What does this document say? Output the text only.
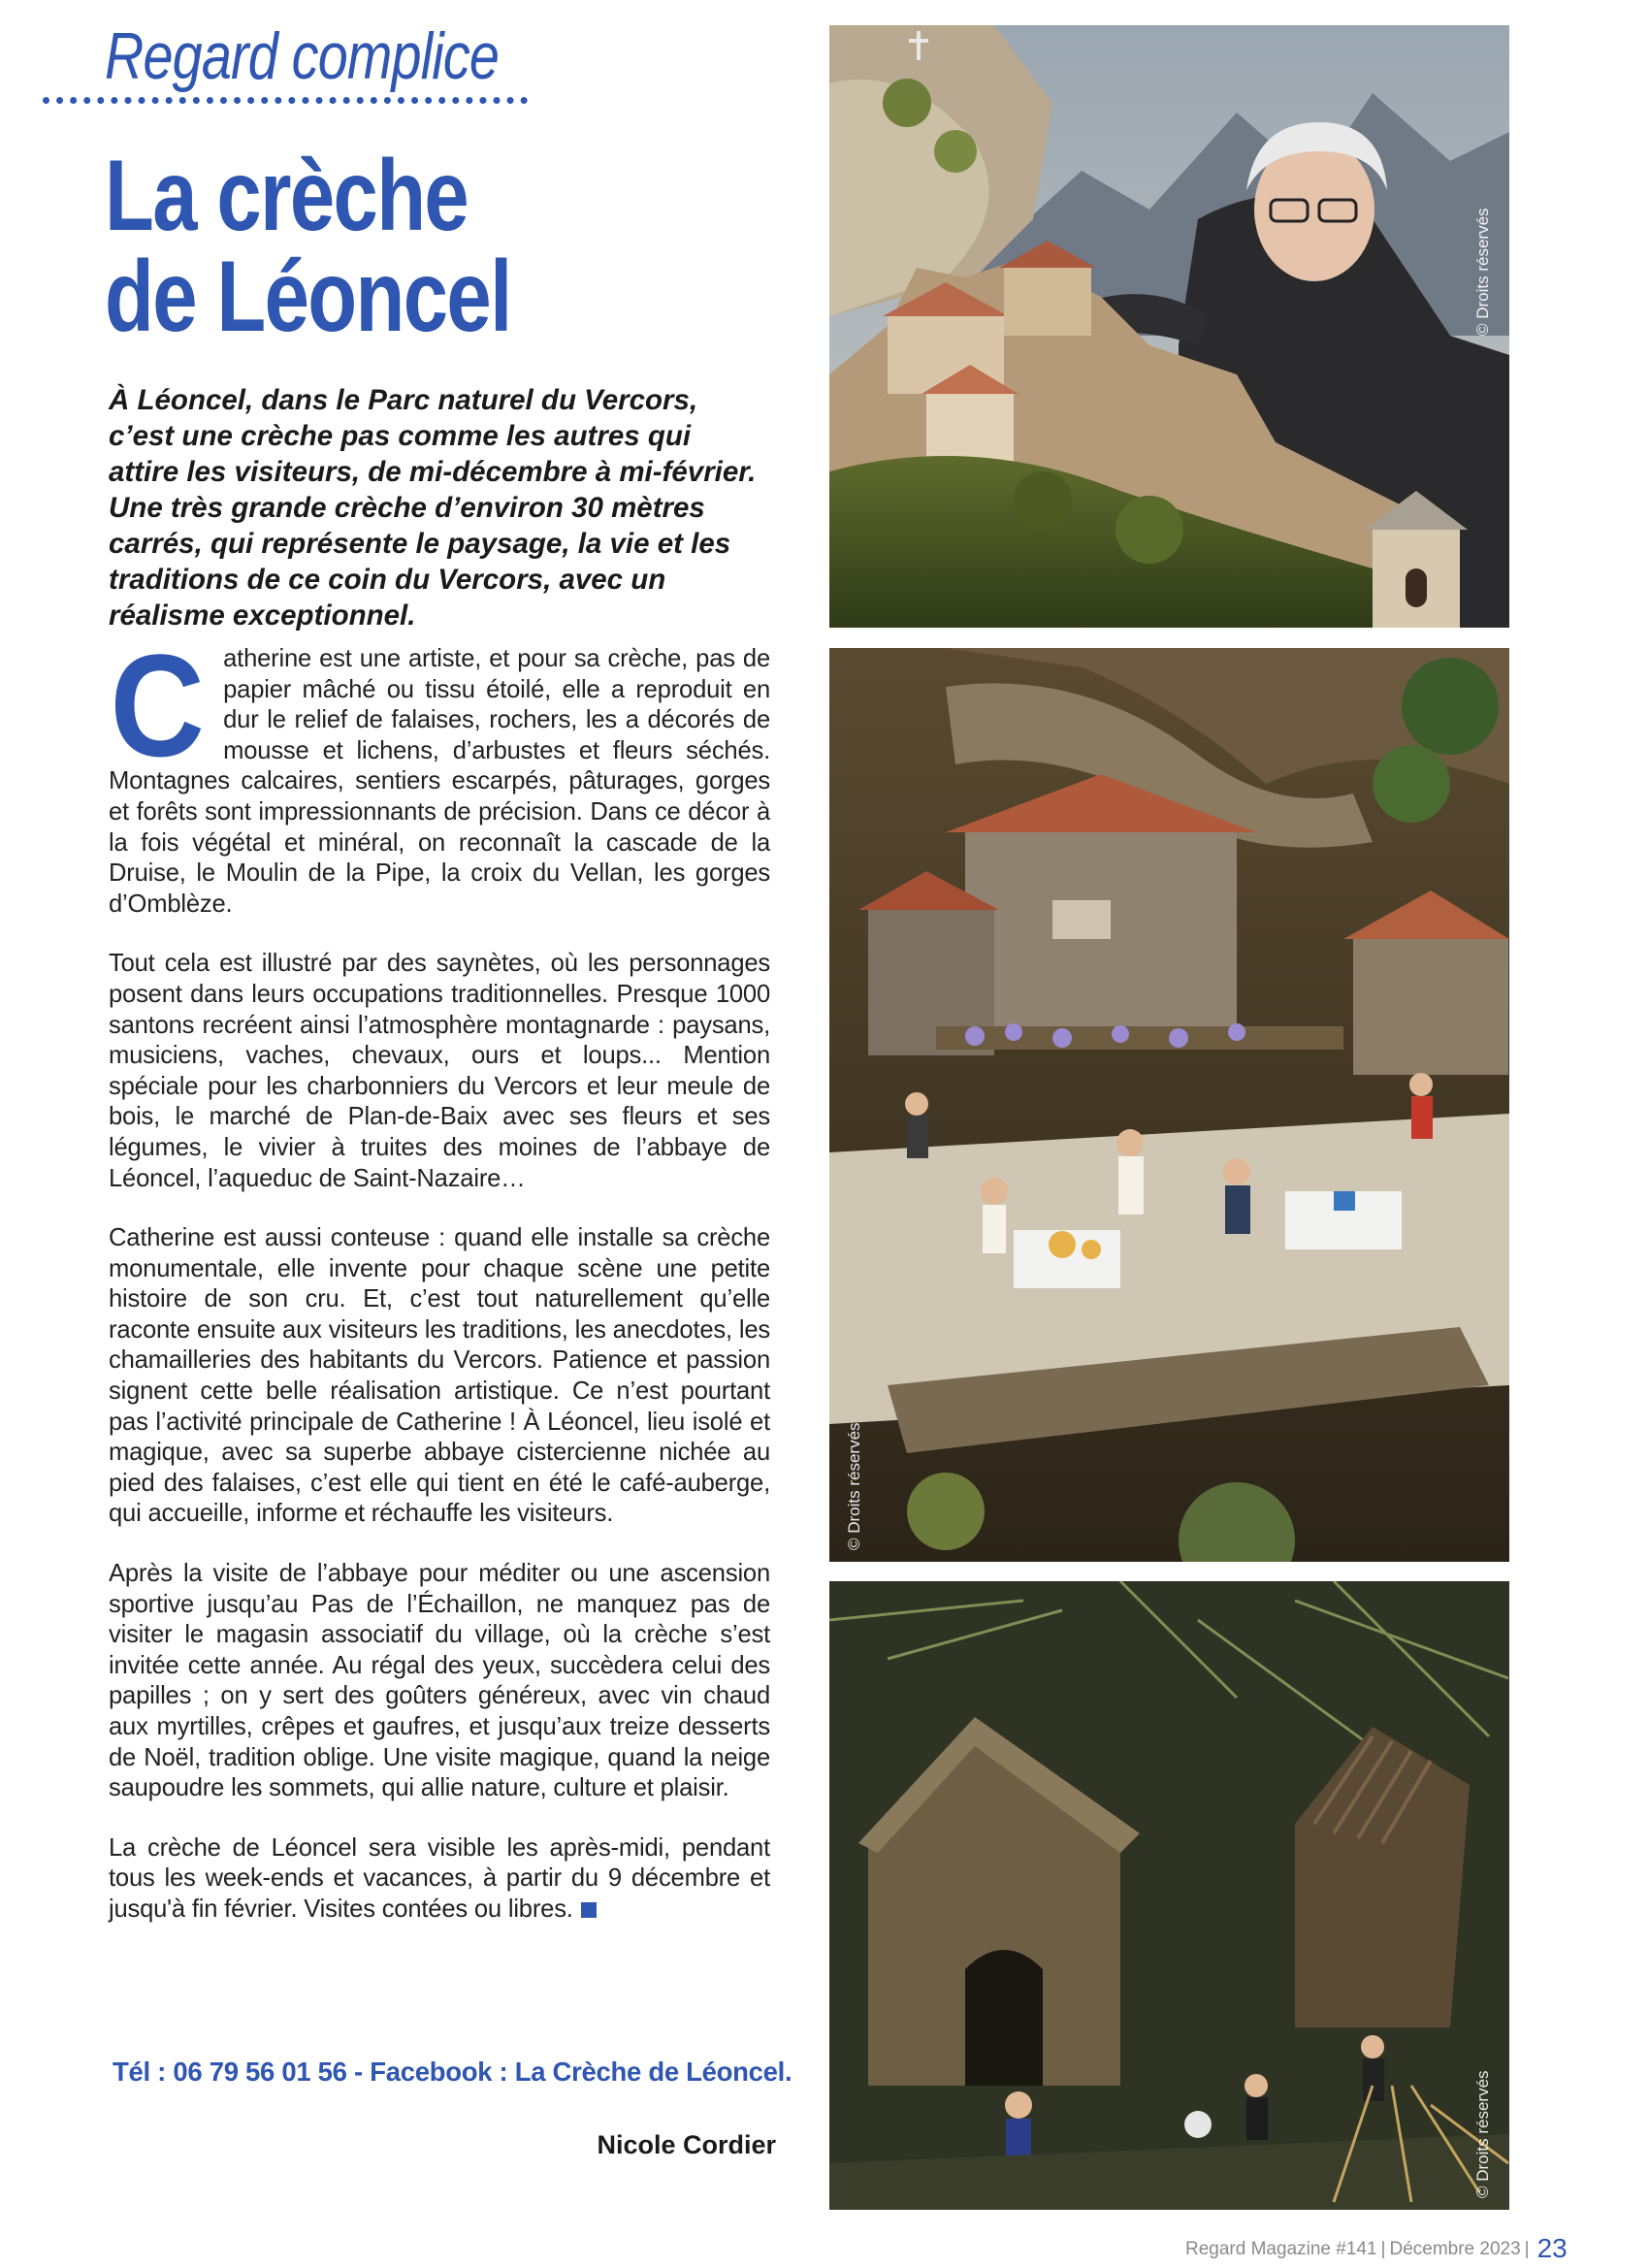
Regard complice
La crèche
de Léoncel

À Léoncel, dans le Parc naturel du Vercors, c’est une crèche pas comme les autres qui attire les visiteurs, de mi-décembre à mi-février. Une très grande crèche d’environ 30 mètres carrés, qui représente le paysage, la vie et les traditions de ce coin du Vercors, avec un réalisme exceptionnel.

C atherine est une artiste, et pour sa crèche, pas de papier mâché ou tissu étoilé, elle a reproduit en dur le relief de falaises, rochers, les a décorés de mousse et lichens, d’arbustes et fleurs séchés. Montagnes calcaires, sentiers escarpés, pâturages, gorges et forêts sont impressionnants de précision. Dans ce décor à la fois végétal et minéral, on reconnaît la cascade de la Druise, le Moulin de la Pipe, la croix du Vellan, les gorges d’Omblèze.

Tout cela est illustré par des saynètes, où les personnages posent dans leurs occupations traditionnelles. Presque 1000 santons recréent ainsi l’atmosphère montagnarde : paysans, musiciens, vaches, chevaux, ours et loups... Mention spéciale pour les charbonniers du Vercors et leur meule de bois, le marché de Plan-de-Baix avec ses fleurs et ses légumes, le vivier à truites des moines de l’abbaye de Léoncel, l’aqueduc de Saint-Nazaire…

Catherine est aussi conteuse : quand elle installe sa crèche monumentale, elle invente pour chaque scène une petite histoire de son cru. Et, c’est tout naturellement qu’elle raconte ensuite aux visiteurs les traditions, les anecdotes, les chamailleries des habitants du Vercors. Patience et passion signent cette belle réalisation artistique. Ce n’est pourtant pas l’activité principale de Catherine ! À Léoncel, lieu isolé et magique, avec sa superbe abbaye cistercienne nichée au pied des falaises, c’est elle qui tient en été le café-auberge, qui accueille, informe et réchauffe les visiteurs.

Après la visite de l’abbaye pour méditer ou une ascension sportive jusqu’au Pas de l’Échaillon, ne manquez pas de visiter le magasin associatif du village, où la crèche s’est invitée cette année. Au régal des yeux, succèdera celui des papilles ; on y sert des goûters généreux, avec vin chaud aux myrtilles, crêpes et gaufres, et jusqu’aux treize desserts de Noël, tradition oblige. Une visite magique, quand la neige saupoudre les sommets, qui allie nature, culture et plaisir.

La crèche de Léoncel sera visible les après-midi, pendant tous les week-ends et vacances, à partir du 9 décembre et jusqu'à fin février. Visites contées ou libres.

Tél : 06 79 56 01 56 - Facebook : La Crèche de Léoncel.
Nicole Cordier
© Droits réservés
© Droits réservés
© Droits réservés
Regard Magazine #141 | Décembre 2023 | 23
